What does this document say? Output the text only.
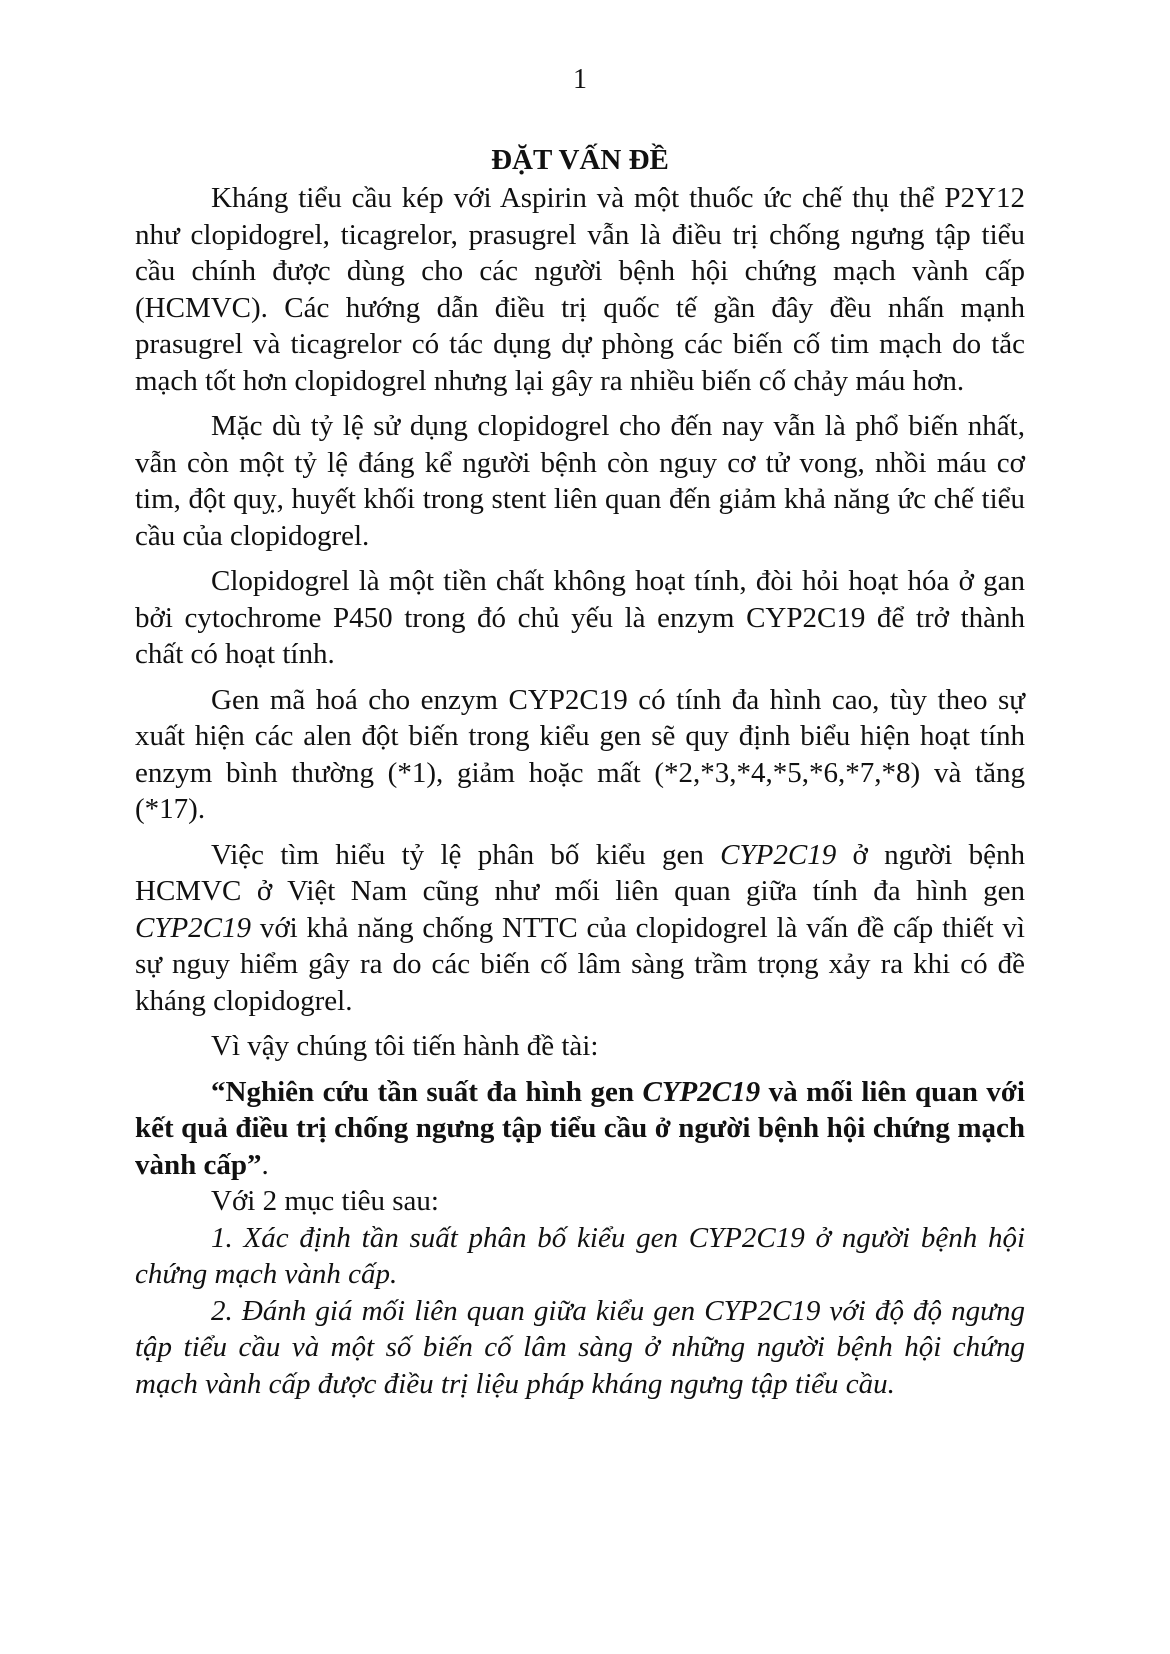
1
ĐẶT VẤN ĐỀ

Kháng tiểu cầu kép với Aspirin và một thuốc ức chế thụ thể P2Y12 như clopidogrel, ticagrelor, prasugrel vẫn là điều trị chống ngưng tập tiểu cầu chính được dùng cho các người bệnh hội chứng mạch vành cấp (HCMVC). Các hướng dẫn điều trị quốc tế gần đây đều nhấn mạnh prasugrel và ticagrelor có tác dụng dự phòng các biến cố tim mạch do tắc mạch tốt hơn clopidogrel nhưng lại gây ra nhiều biến cố chảy máu hơn.

Mặc dù tỷ lệ sử dụng clopidogrel cho đến nay vẫn là phổ biến nhất, vẫn còn một tỷ lệ đáng kể người bệnh còn nguy cơ tử vong, nhồi máu cơ tim, đột quỵ, huyết khối trong stent liên quan đến giảm khả năng ức chế tiểu cầu của clopidogrel.

Clopidogrel là một tiền chất không hoạt tính, đòi hỏi hoạt hóa ở gan bởi cytochrome P450 trong đó chủ yếu là enzym CYP2C19 để trở thành chất có hoạt tính.

Gen mã hoá cho enzym CYP2C19 có tính đa hình cao, tùy theo sự xuất hiện các alen đột biến trong kiểu gen sẽ quy định biểu hiện hoạt tính enzym bình thường (*1), giảm hoặc mất (*2,*3,*4,*5,*6,*7,*8) và tăng (*17).

Việc tìm hiểu tỷ lệ phân bố kiểu gen CYP2C19 ở người bệnh HCMVC ở Việt Nam cũng như mối liên quan giữa tính đa hình gen CYP2C19 với khả năng chống NTTC của clopidogrel là vấn đề cấp thiết vì sự nguy hiểm gây ra do các biến cố lâm sàng trầm trọng xảy ra khi có đề kháng clopidogrel.

Vì vậy chúng tôi tiến hành đề tài:

“Nghiên cứu tần suất đa hình gen CYP2C19 và mối liên quan với kết quả điều trị chống ngưng tập tiểu cầu ở người bệnh hội chứng mạch vành cấp”.

Với 2 mục tiêu sau:

1. Xác định tần suất phân bố kiểu gen CYP2C19 ở người bệnh hội chứng mạch vành cấp.

2. Đánh giá mối liên quan giữa kiểu gen CYP2C19 với độ độ ngưng tập tiểu cầu và một số biến cố lâm sàng ở những người bệnh hội chứng mạch vành cấp được điều trị liệu pháp kháng ngưng tập tiểu cầu.
